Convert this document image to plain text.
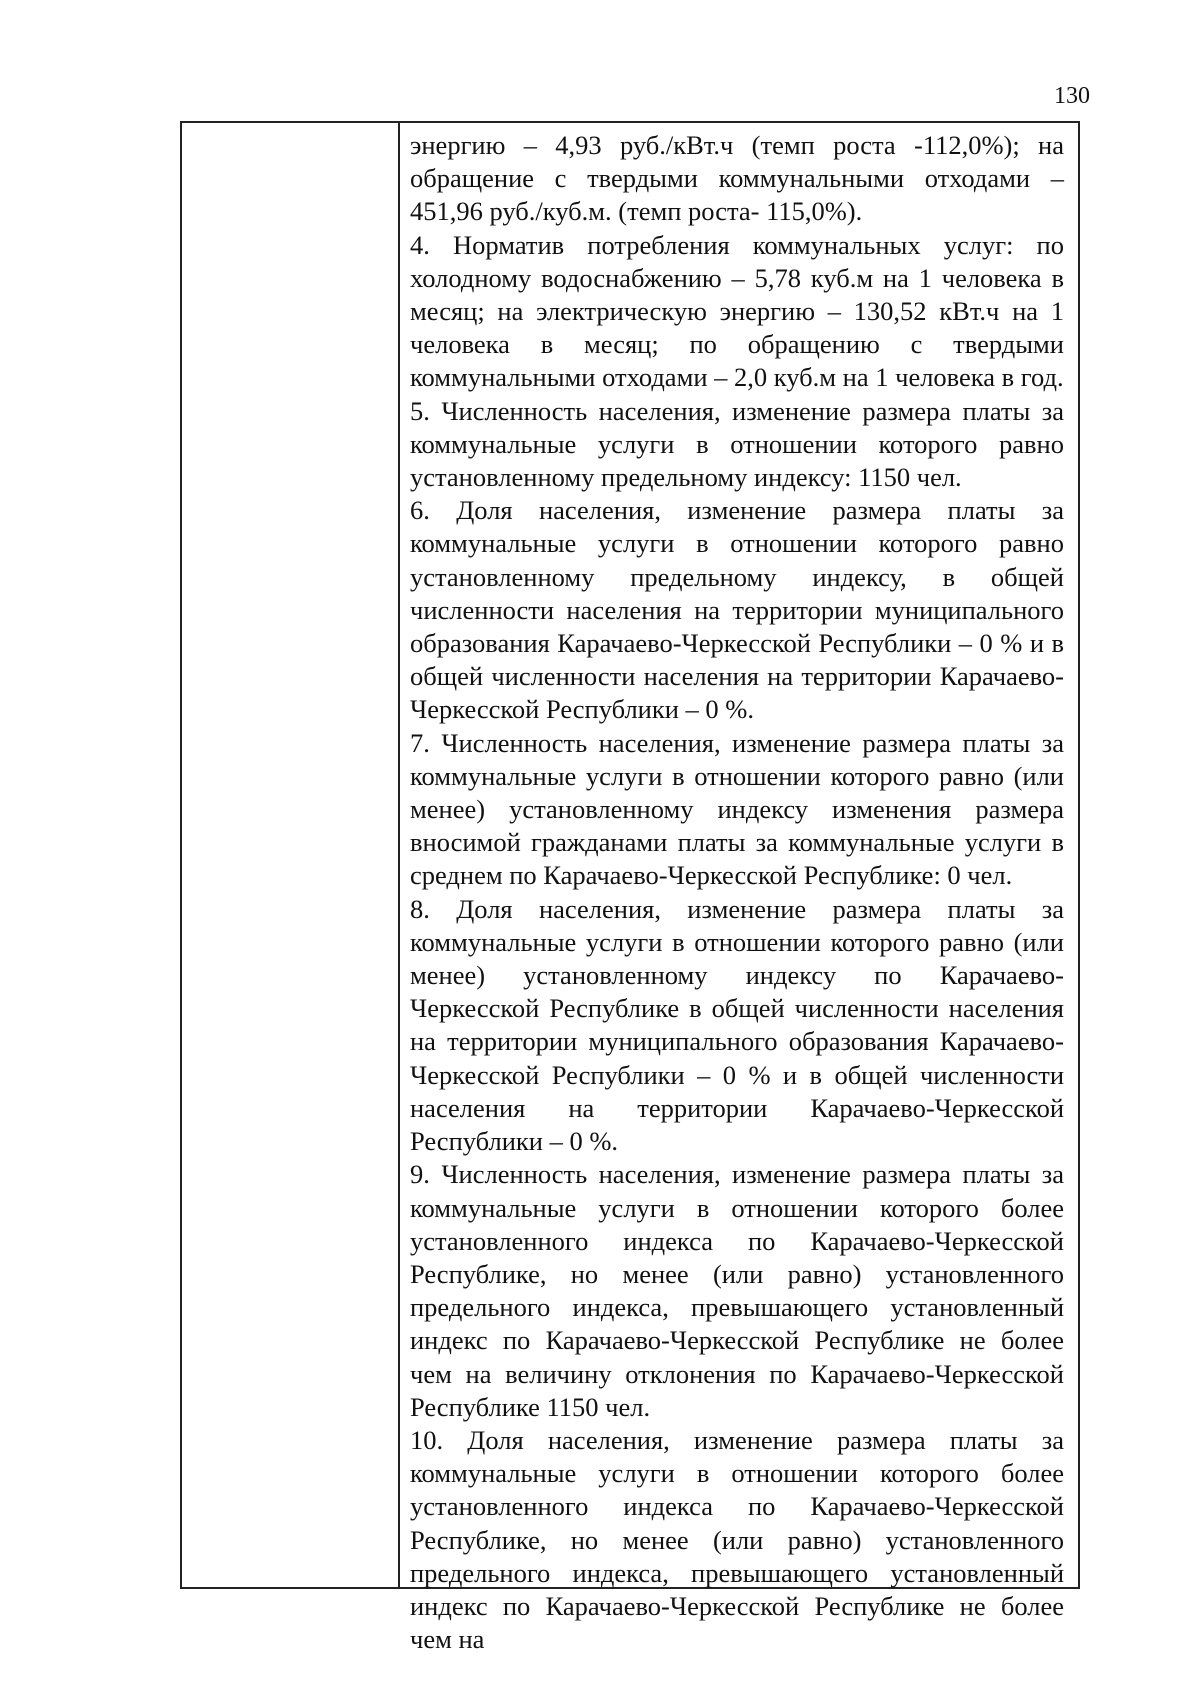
130

энергию – 4,93 руб./кВт.ч (темп роста -112,0%); на обращение с твердыми коммунальными отходами – 451,96 руб./куб.м. (темп роста- 115,0%).

4. Норматив потребления коммунальных услуг: по холодному водоснабжению – 5,78 куб.м на 1 человека в месяц; на электрическую энергию – 130,52 кВт.ч на 1 человека в месяц; по обращению с твердыми коммунальными отходами – 2,0 куб.м на 1 человека в год.

5. Численность населения, изменение размера платы за коммунальные услуги в отношении которого равно установленному предельному индексу: 1150 чел.

6. Доля населения, изменение размера платы за коммунальные услуги в отношении которого равно установленному предельному индексу, в общей численности населения на территории муниципального образования Карачаево-Черкесской Республики – 0 % и в общей численности населения на территории Карачаево-Черкесской Республики – 0 %.

7. Численность населения, изменение размера платы за коммунальные услуги в отношении которого равно (или менее) установленному индексу изменения размера вносимой гражданами платы за коммунальные услуги в среднем по Карачаево-Черкесской Республике: 0 чел.

8. Доля населения, изменение размера платы за коммунальные услуги в отношении которого равно (или менее) установленному индексу по Карачаево-Черкесской Республике в общей численности населения на территории муниципального образования Карачаево-Черкесской Республики – 0 % и в общей численности населения на территории Карачаево-Черкесской Республики – 0 %.

9. Численность населения, изменение размера платы за коммунальные услуги в отношении которого более установленного индекса по Карачаево-Черкесской Республике, но менее (или равно) установленного предельного индекса, превышающего установленный индекс по Карачаево-Черкесской Республике не более чем на величину отклонения по Карачаево-Черкесской Республике 1150 чел.

10. Доля населения, изменение размера платы за коммунальные услуги в отношении которого более установленного индекса по Карачаево-Черкесской Республике, но менее (или равно) установленного предельного индекса, превышающего установленный индекс по Карачаево-Черкесской Республике не более чем на
